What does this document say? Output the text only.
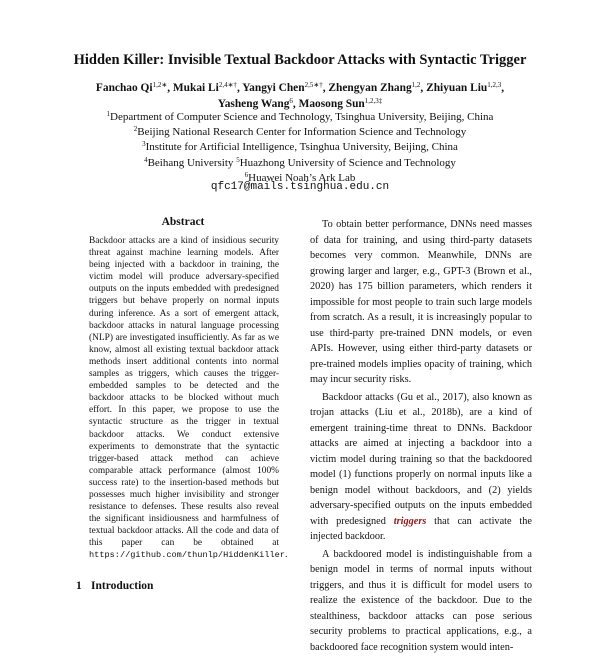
Hidden Killer: Invisible Textual Backdoor Attacks with Syntactic Trigger
Fanchao $Qi^{1,2∗}$, Mukai $Li^{2,4∗\dagger}$, Yangyi Chen$^{2,5∗\dagger}$, Zhengyan Zhang$^{1,2}$, Zhiyuan Liu$^{1,2,3}$,
Yasheng Wang$^6$, Maosong Sun$^{1,2,3\ddagger}$
$^1$Department of Computer Science and Technology, Tsinghua University, Beijing, China
$^2$Beijing National Research Center for Information Science and Technology
$^3$Institute for Artificial Intelligence, Tsinghua University, Beijing, China
$^4$Beihang University $^5$Huazhong University of Science and Technology
$^6$Huawei Noah’s Ark Lab
qfc17@mails.tsinghua.edu.cn
Abstract
Backdoor attacks are a kind of insidious security threat against machine learning models. After being injected with a backdoor in training, the victim model will produce adversary-specified outputs on the inputs embedded with predesigned triggers but behave properly on normal inputs during inference. As a sort of emergent attack, backdoor attacks in natural language processing (NLP) are investigated insufficiently. As far as we know, almost all existing textual backdoor attack methods insert additional contents into normal samples as triggers, which causes the trigger-embedded samples to be detected and the backdoor attacks to be blocked without much effort. In this paper, we propose to use the syntactic structure as the trigger in textual backdoor attacks. We conduct extensive experiments to demonstrate that the syntactic trigger-based attack method can achieve comparable attack performance (almost 100% success rate) to the insertion-based methods but possesses much higher invisibility and stronger resistance to defenses. These results also reveal the significant insidiousness and harmfulness of textual backdoor attacks. All the code and data of this paper can be obtained at https://github.com/thunlp/HiddenKiller.
1 Introduction

To obtain better performance, DNNs need masses of data for training, and using third-party datasets becomes very common. Meanwhile, DNNs are growing larger and larger, e.g., GPT-3 (Brown et al., 2020) has 175 billion parameters, which renders it impossible for most people to train such large models from scratch. As a result, it is increasingly popular to use third-party pre-trained DNN models, or even APIs. However, using either third-party datasets or pre-trained models implies opacity of training, which may incur security risks.

Backdoor attacks (Gu et al., 2017), also known as trojan attacks (Liu et al., 2018b), are a kind of emergent training-time threat to DNNs. Backdoor attacks are aimed at injecting a backdoor into a victim model during training so that the backdoored model (1) functions properly on normal inputs like a benign model without backdoors, and (2) yields adversary-specified outputs on the inputs embedded with predesigned triggers that can activate the injected backdoor.

A backdoored model is indistinguishable from a benign model in terms of normal inputs without triggers, and thus it is difficult for model users to realize the existence of the backdoor. Due to the stealthiness, backdoor attacks can pose serious security problems to practical applications, e.g., a backdoored face recognition system would inten-
